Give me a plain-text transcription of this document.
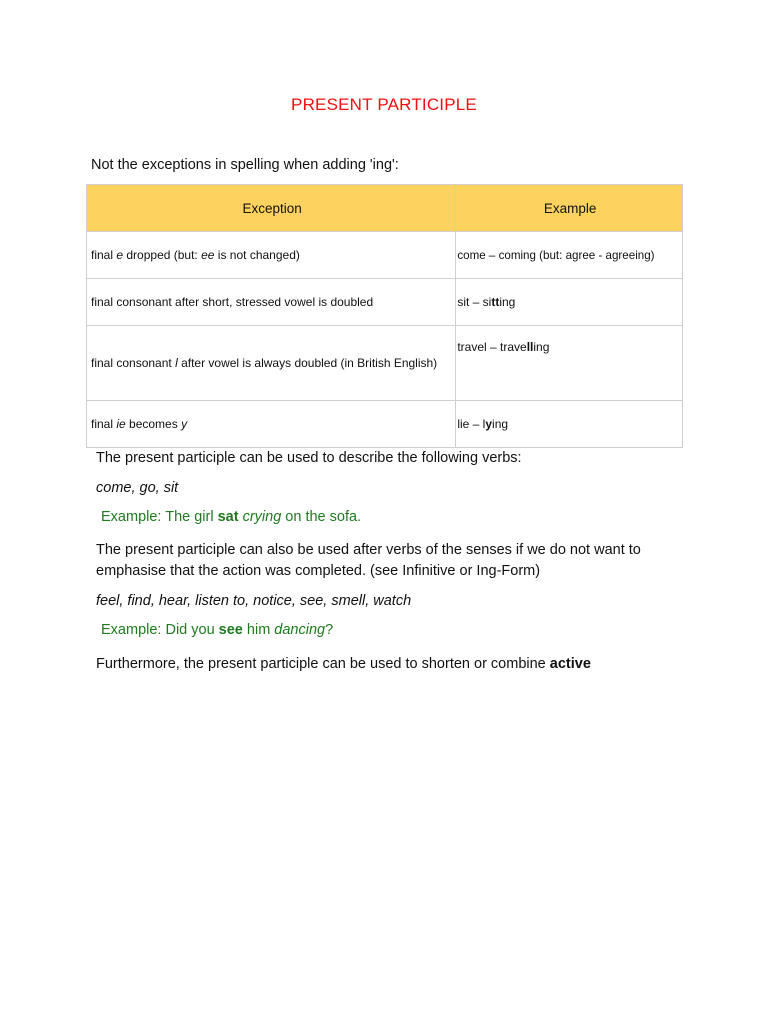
PRESENT PARTICIPLE
Not the exceptions in spelling when adding 'ing':
Exception	Example
final e dropped (but: ee is not changed)	come – coming (but: agree - agreeing)
final consonant after short, stressed vowel is doubled	sit – sitting
final consonant l after vowel is always doubled (in British English)	travel – travelling
final ie becomes y	lie – lying
The present participle can be used to describe the following verbs:
come, go, sit
Example: The girl sat crying on the sofa.
The present participle can also be used after verbs of the senses if we do not want to emphasise that the action was completed. (see Infinitive or Ing-Form)
feel, find, hear, listen to, notice, see, smell, watch
Example: Did you see him dancing?
Furthermore, the present participle can be used to shorten or combine active
